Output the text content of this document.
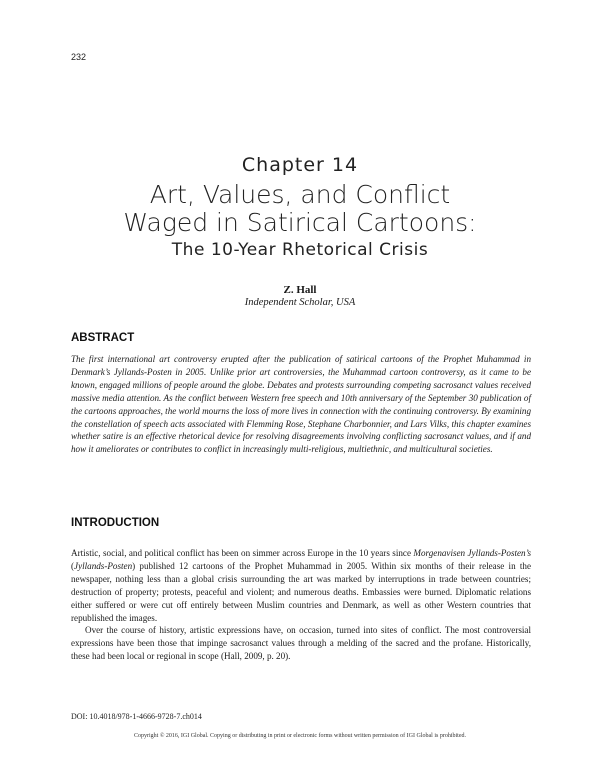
232
Chapter 14
Art, Values, and Conflict
Waged in Satirical Cartoons:
The 10-Year Rhetorical Crisis
Z. Hall
Independent Scholar, USA
ABSTRACT
The first international art controversy erupted after the publication of satirical cartoons of the Prophet Muhammad in Denmark’s Jyllands-Posten in 2005. Unlike prior art controversies, the Muhammad cartoon controversy, as it came to be known, engaged millions of people around the globe. Debates and protests surrounding competing sacrosanct values received massive media attention. As the conflict between Western free speech and 10th anniversary of the September 30 publication of the cartoons approaches, the world mourns the loss of more lives in connection with the continuing controversy. By examining the constellation of speech acts associated with Flemming Rose, Stephane Charbonnier, and Lars Vilks, this chapter examines whether satire is an effective rhetorical device for resolving disagreements involving conflicting sacrosanct values, and if and how it ameliorates or contributes to conflict in increasingly multi-religious, multiethnic, and multicultural societies.
INTRODUCTION

Artistic, social, and political conflict has been on simmer across Europe in the 10 years since Morgenavisen Jyllands-Posten’s (Jyllands-Posten) published 12 cartoons of the Prophet Muhammad in 2005. Within six months of their release in the newspaper, nothing less than a global crisis surrounding the art was marked by interruptions in trade between countries; destruction of property; protests, peaceful and violent; and numerous deaths. Embassies were burned. Diplomatic relations either suffered or were cut off entirely between Muslim countries and Denmark, as well as other Western countries that republished the images.

Over the course of history, artistic expressions have, on occasion, turned into sites of conflict. The most controversial expressions have been those that impinge sacrosanct values through a melding of the sacred and the profane. Historically, these had been local or regional in scope (Hall, 2009, p. 20).

DOI: 10.4018/978-1-4666-9728-7.ch014
Copyright © 2016, IGI Global. Copying or distributing in print or electronic forms without written permission of IGI Global is prohibited.
